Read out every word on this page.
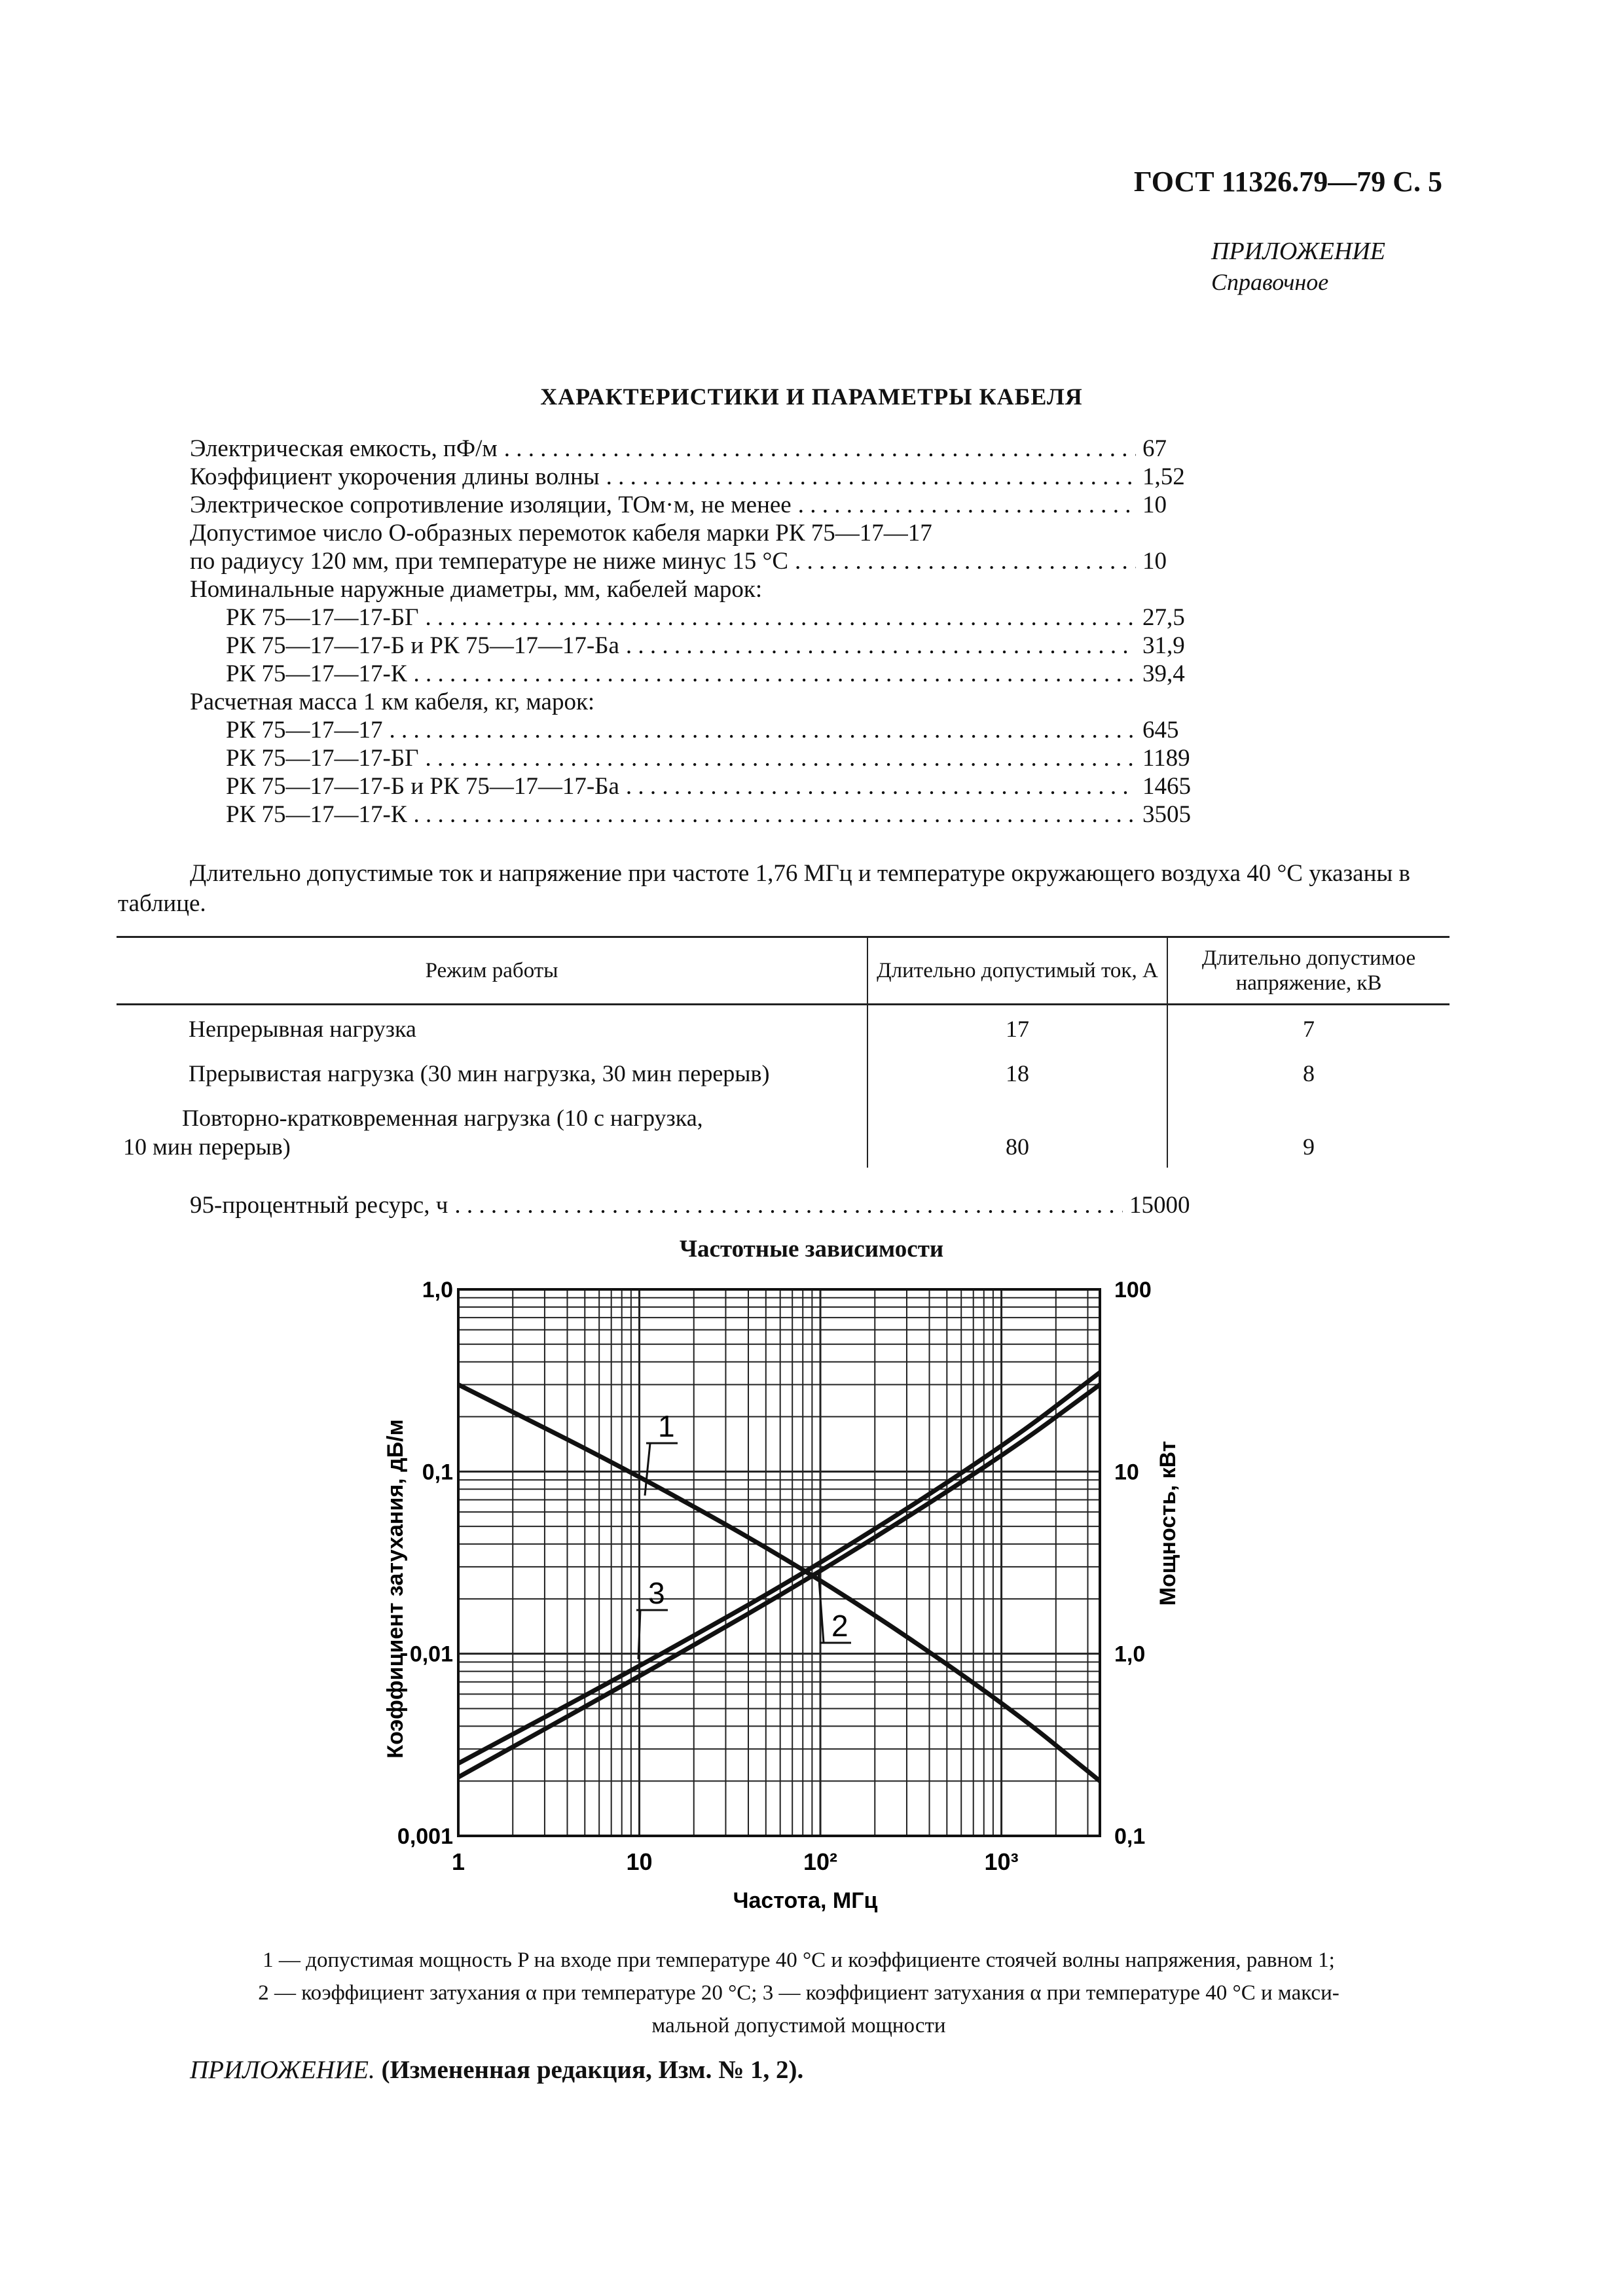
ГОСТ 11326.79—79 С. 5
ПРИЛОЖЕНИЕ
Справочное
ХАРАКТЕРИСТИКИ И ПАРАМЕТРЫ КАБЕЛЯ
Электрическая емкость, пФ/м . . .	67
Коэффициент укорочения длины волны . . .	1,52
Электрическое сопротивление изоляции, ТОм·м, не менее . . .	10
Допустимое число О-образных перемоток кабеля марки РК 75—17—17
по радиусу 120 мм, при температуре не ниже минус 15 °С . . .	10
Номинальные наружные диаметры, мм, кабелей марок:
РК 75—17—17-БГ . . .	27,5
РК 75—17—17-Б и РК 75—17—17-Ба . . .	31,9
РК 75—17—17-К . . .	39,4
Расчетная масса 1 км кабеля, кг, марок:
РК 75—17—17 . . .	645
РК 75—17—17-БГ . . .	1189
РК 75—17—17-Б и РК 75—17—17-Ба . . .	1465
РК 75—17—17-К . . .	3505
Длительно допустимые ток и напряжение при частоте 1,76 МГц и температуре окружающего воздуха 40 °С указаны в таблице.
Режим работы	Длительно допустимый ток, А	Длительно допустимое напряжение, кВ
Непрерывная нагрузка	17	7
Прерывистая нагрузка (30 мин нагрузка, 30 мин перерыв)	18	8

Повторно-кратковременная нагрузка (10 с нагрузка,
10 мин перерыв)	80	9
95-процентный ресурс, ч . . .	15000
Частотные зависимости
1	10	10²	10³
0,001
0,01
0,1
1,0
0,1
1,0
10
100
Частота, МГц
Коэффициент затухания, дБ/м	Мощность, кВт
1
3
2
1 — допустимая мощность P на входе при температуре 40 °С и коэффициенте стоячей волны напряжения, равном 1;
2 — коэффициент затухания α при температуре 20 °С; 3 — коэффициент затухания α при температуре 40 °С и макси-
мальной допустимой мощности
ПРИЛОЖЕНИЕ. (Измененная редакция, Изм. № 1, 2).
